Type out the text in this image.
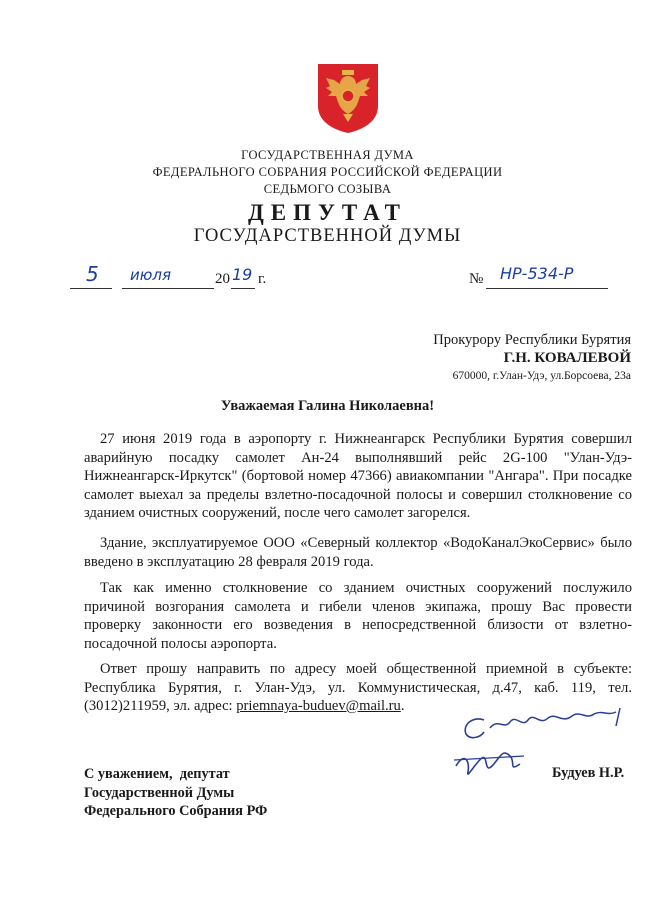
ГОСУДАРСТВЕННАЯ ДУМА
ФЕДЕРАЛЬНОГО СОБРАНИЯ РОССИЙСКОЙ ФЕДЕРАЦИИ
СЕДЬМОГО СОЗЫВА
ДЕПУТАТ
ГОСУДАРСТВЕННОЙ ДУМЫ
5 июля	20 19 г.	№ НР-534-Р
Прокурору Республики Бурятия
Г.Н. КОВАЛЕВОЙ
670000, г.Улан-Удэ, ул.Борсоева, 23а
Уважаемая Галина Николаевна!

27 июня 2019 года в аэропорту г. Нижнеангарск Республики Бурятия совершил аварийную посадку самолет Ан-24 выполнявший рейс 2G-100 "Улан-Удэ-Нижнеангарск-Иркутск" (бортовой номер 47366) авиакомпании "Ангара". При посадке самолет выехал за пределы взлетно-посадочной полосы и совершил столкновение со зданием очистных сооружений, после чего самолет загорелся.

Здание, эксплуатируемое ООО «Северный коллектор «ВодоКаналЭкоСервис» было введено в эксплуатацию 28 февраля 2019 года.

Так как именно столкновение со зданием очистных сооружений послужило причиной возгорания самолета и гибели членов экипажа, прошу Вас провести проверку законности его возведения в непосредственной близости от взлетно-посадочной полосы аэропорта.

Ответ прошу направить по адресу моей общественной приемной в субъекте: Республика Бурятия, г. Улан-Удэ, ул. Коммунистическая, д.47, каб. 119, тел.(3012)211959, эл. адрес: priemnaya-buduev@mail.ru.

С уважением,  депутат
Государственной Думы
Федерального Собрания РФ
Будуев Н.Р.
